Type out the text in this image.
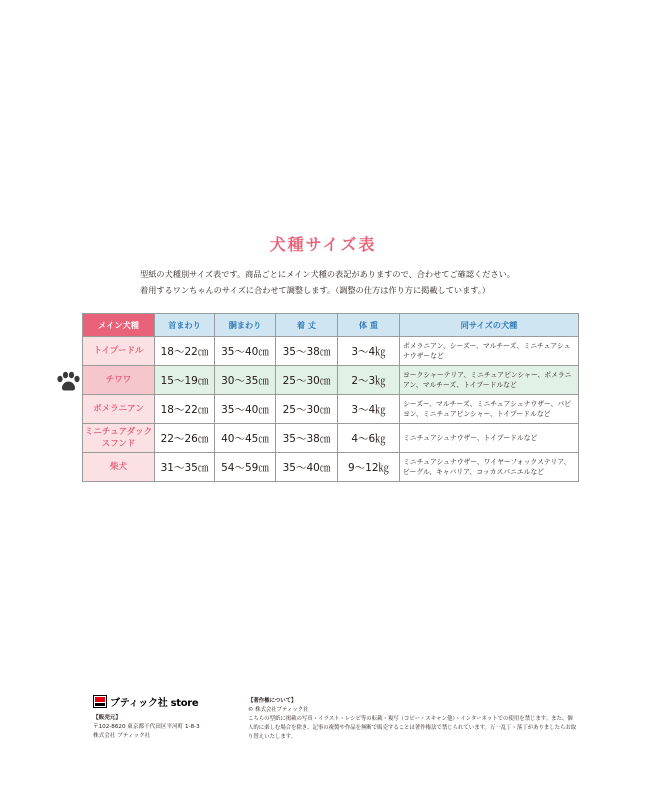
犬種サイズ表
型紙の犬種別サイズ表です。商品ごとにメイン犬種の表記がありますので、合わせてご確認ください。
着用するワンちゃんのサイズに合わせて調整します。（調整の仕方は作り方に掲載しています。）
メイン犬種	首まわり	胴まわり	着 丈	体 重	同サイズの犬種
トイプードル	18〜22㎝	35〜40㎝	35〜38㎝	3〜4㎏	ポメラニアン、シーズー、マルチーズ、ミニチュアシュナウザーなど
チワワ	15〜19㎝	30〜35㎝	25〜30㎝	2〜3㎏	ヨークシャーテリア、ミニチュアピンシャー、ポメラニアン、マルチーズ、トイプードルなど
ポメラニアン	18〜22㎝	35〜40㎝	25〜30㎝	3〜4㎏	シーズー、マルチーズ、ミニチュアシュナウザー、パピヨン、ミニチュアピンシャー、トイプードルなど
ミニチュアダックスフンド	22〜26㎝	40〜45㎝	35〜38㎝	4〜6㎏	ミニチュアシュナウザー、トイプードルなど
柴犬	31〜35㎝	54〜59㎝	35〜40㎝	9〜12㎏	ミニチュアシュナウザー、ワイヤーフォックステリア、ビーグル、キャバリア、コッカスパニエルなど
ブティック社 store
【販売元】
〒102-8620 東京都千代田区平河町 1-8-3
株式会社 ブティック社
【著作権について】
© 株式会社ブティック社
こちらの型紙に掲載の写真・イラスト・レシピ等の転載・複写（コピー・スキャン他）・インターネットでの使用を禁じます。また、個人的に楽しむ場合を除き、記事の複製や作品を無断で販売することは著作権法で禁じられています。万一乱丁・落丁がありましたらお取り替えいたします。
